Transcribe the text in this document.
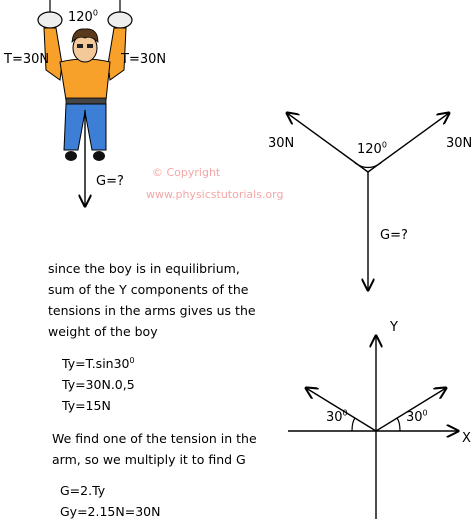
$120^0$
T=30N	T=30N
G=?
© Copyright
www.physicstutorials.org
30N	30N
$120^0$
G=?
since the boy is in equilibrium,
sum of the Y components of the
tensions in the arms gives us the
weight of the boy
$Ty=T.\sin 30^0$
Ty=30N.0,5
Ty=15N
We find one of the tension in the
arm, so we multiply it to find G
G=2.Ty
Gy=2.15N=30N
Y
X
$30^0$	$30^0$
